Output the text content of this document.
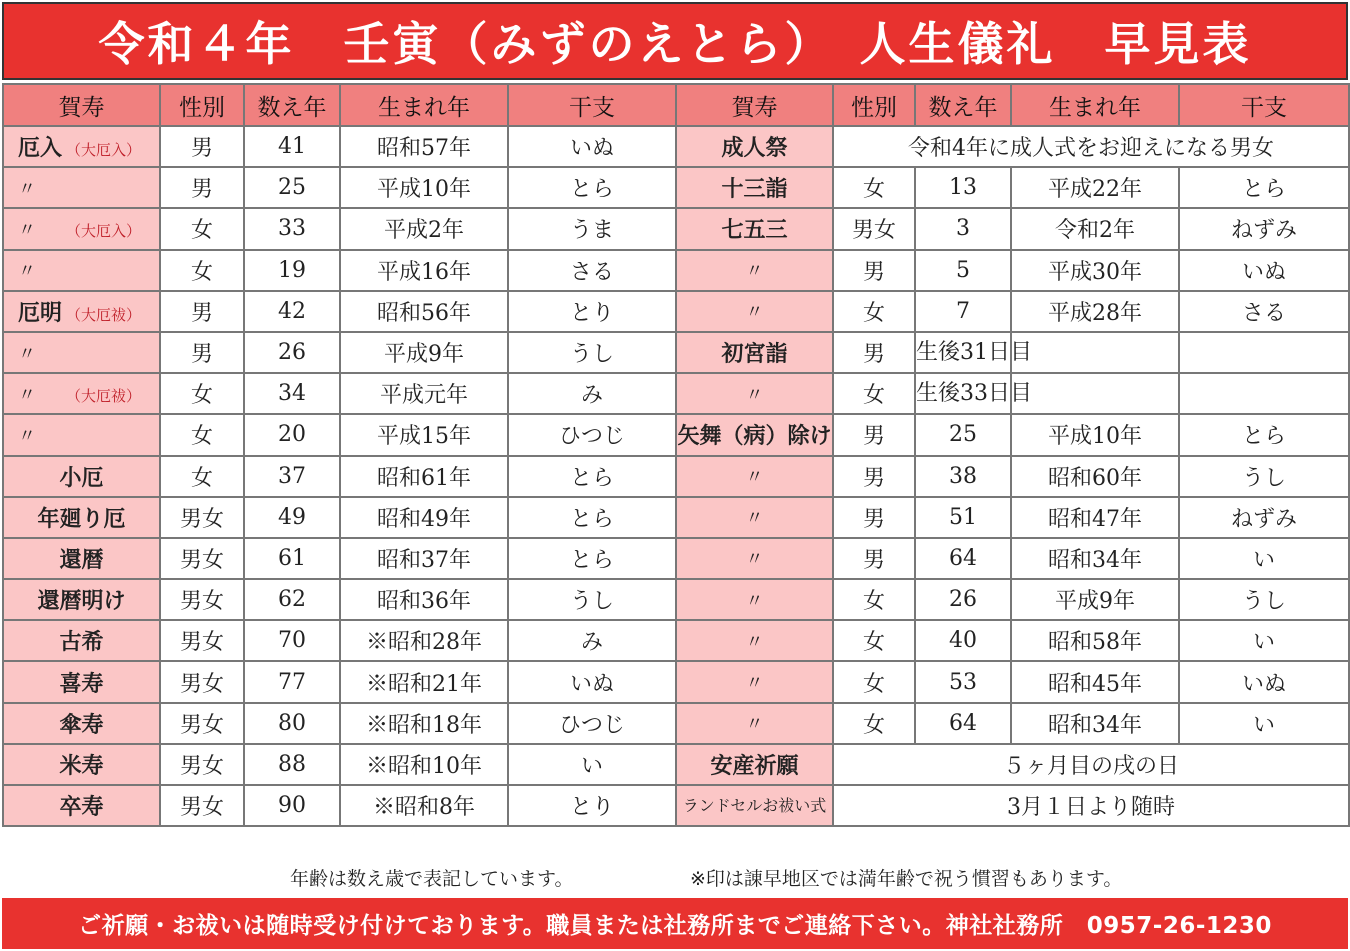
令和４年　壬寅（みずのえとら）　人生儀礼　早見表
賀寿	性別	数え年	生まれ年	干支	賀寿	性別	数え年	生まれ年	干支
厄入 （大厄入）	男	41	昭和57年	いぬ	成人祭	令和4年に成人式をお迎えになる男女			
〃	男	25	平成10年	とら	十三詣	女	13	平成22年	とら
〃 （大厄入）	女	33	平成2年	うま	七五三	男女	3	令和2年	ねずみ
〃	女	19	平成16年	さる	〃	男	5	平成30年	いぬ
厄明 （大厄祓）	男	42	昭和56年	とり	〃	女	7	平成28年	さる
〃	男	26	平成9年	うし	初宮詣	男	生後31日目		
〃 （大厄祓）	女	34	平成元年	み	〃	女	生後33日目		
〃	女	20	平成15年	ひつじ	矢舞（病）除け	男	25	平成10年	とら
小厄	女	37	昭和61年	とら	〃	男	38	昭和60年	うし
年廻り厄	男女	49	昭和49年	とら	〃	男	51	昭和47年	ねずみ
還暦	男女	61	昭和37年	とら	〃	男	64	昭和34年	い
還暦明け	男女	62	昭和36年	うし	〃	女	26	平成9年	うし
古希	男女	70	※昭和28年	み	〃	女	40	昭和58年	い
喜寿	男女	77	※昭和21年	いぬ	〃	女	53	昭和45年	いぬ
傘寿	男女	80	※昭和18年	ひつじ	〃	女	64	昭和34年	い
米寿	男女	88	※昭和10年	い	安産祈願	５ヶ月目の戌の日			
卒寿	男女	90	※昭和8年	とり	ランドセルお祓い式	3月１日より随時			
年齢は数え歳で表記しています。	※印は諌早地区では満年齢で祝う慣習もあります。
ご祈願・お祓いは随時受け付けております。職員または社務所までご連絡下さい。神社社務所　0957-26-1230
